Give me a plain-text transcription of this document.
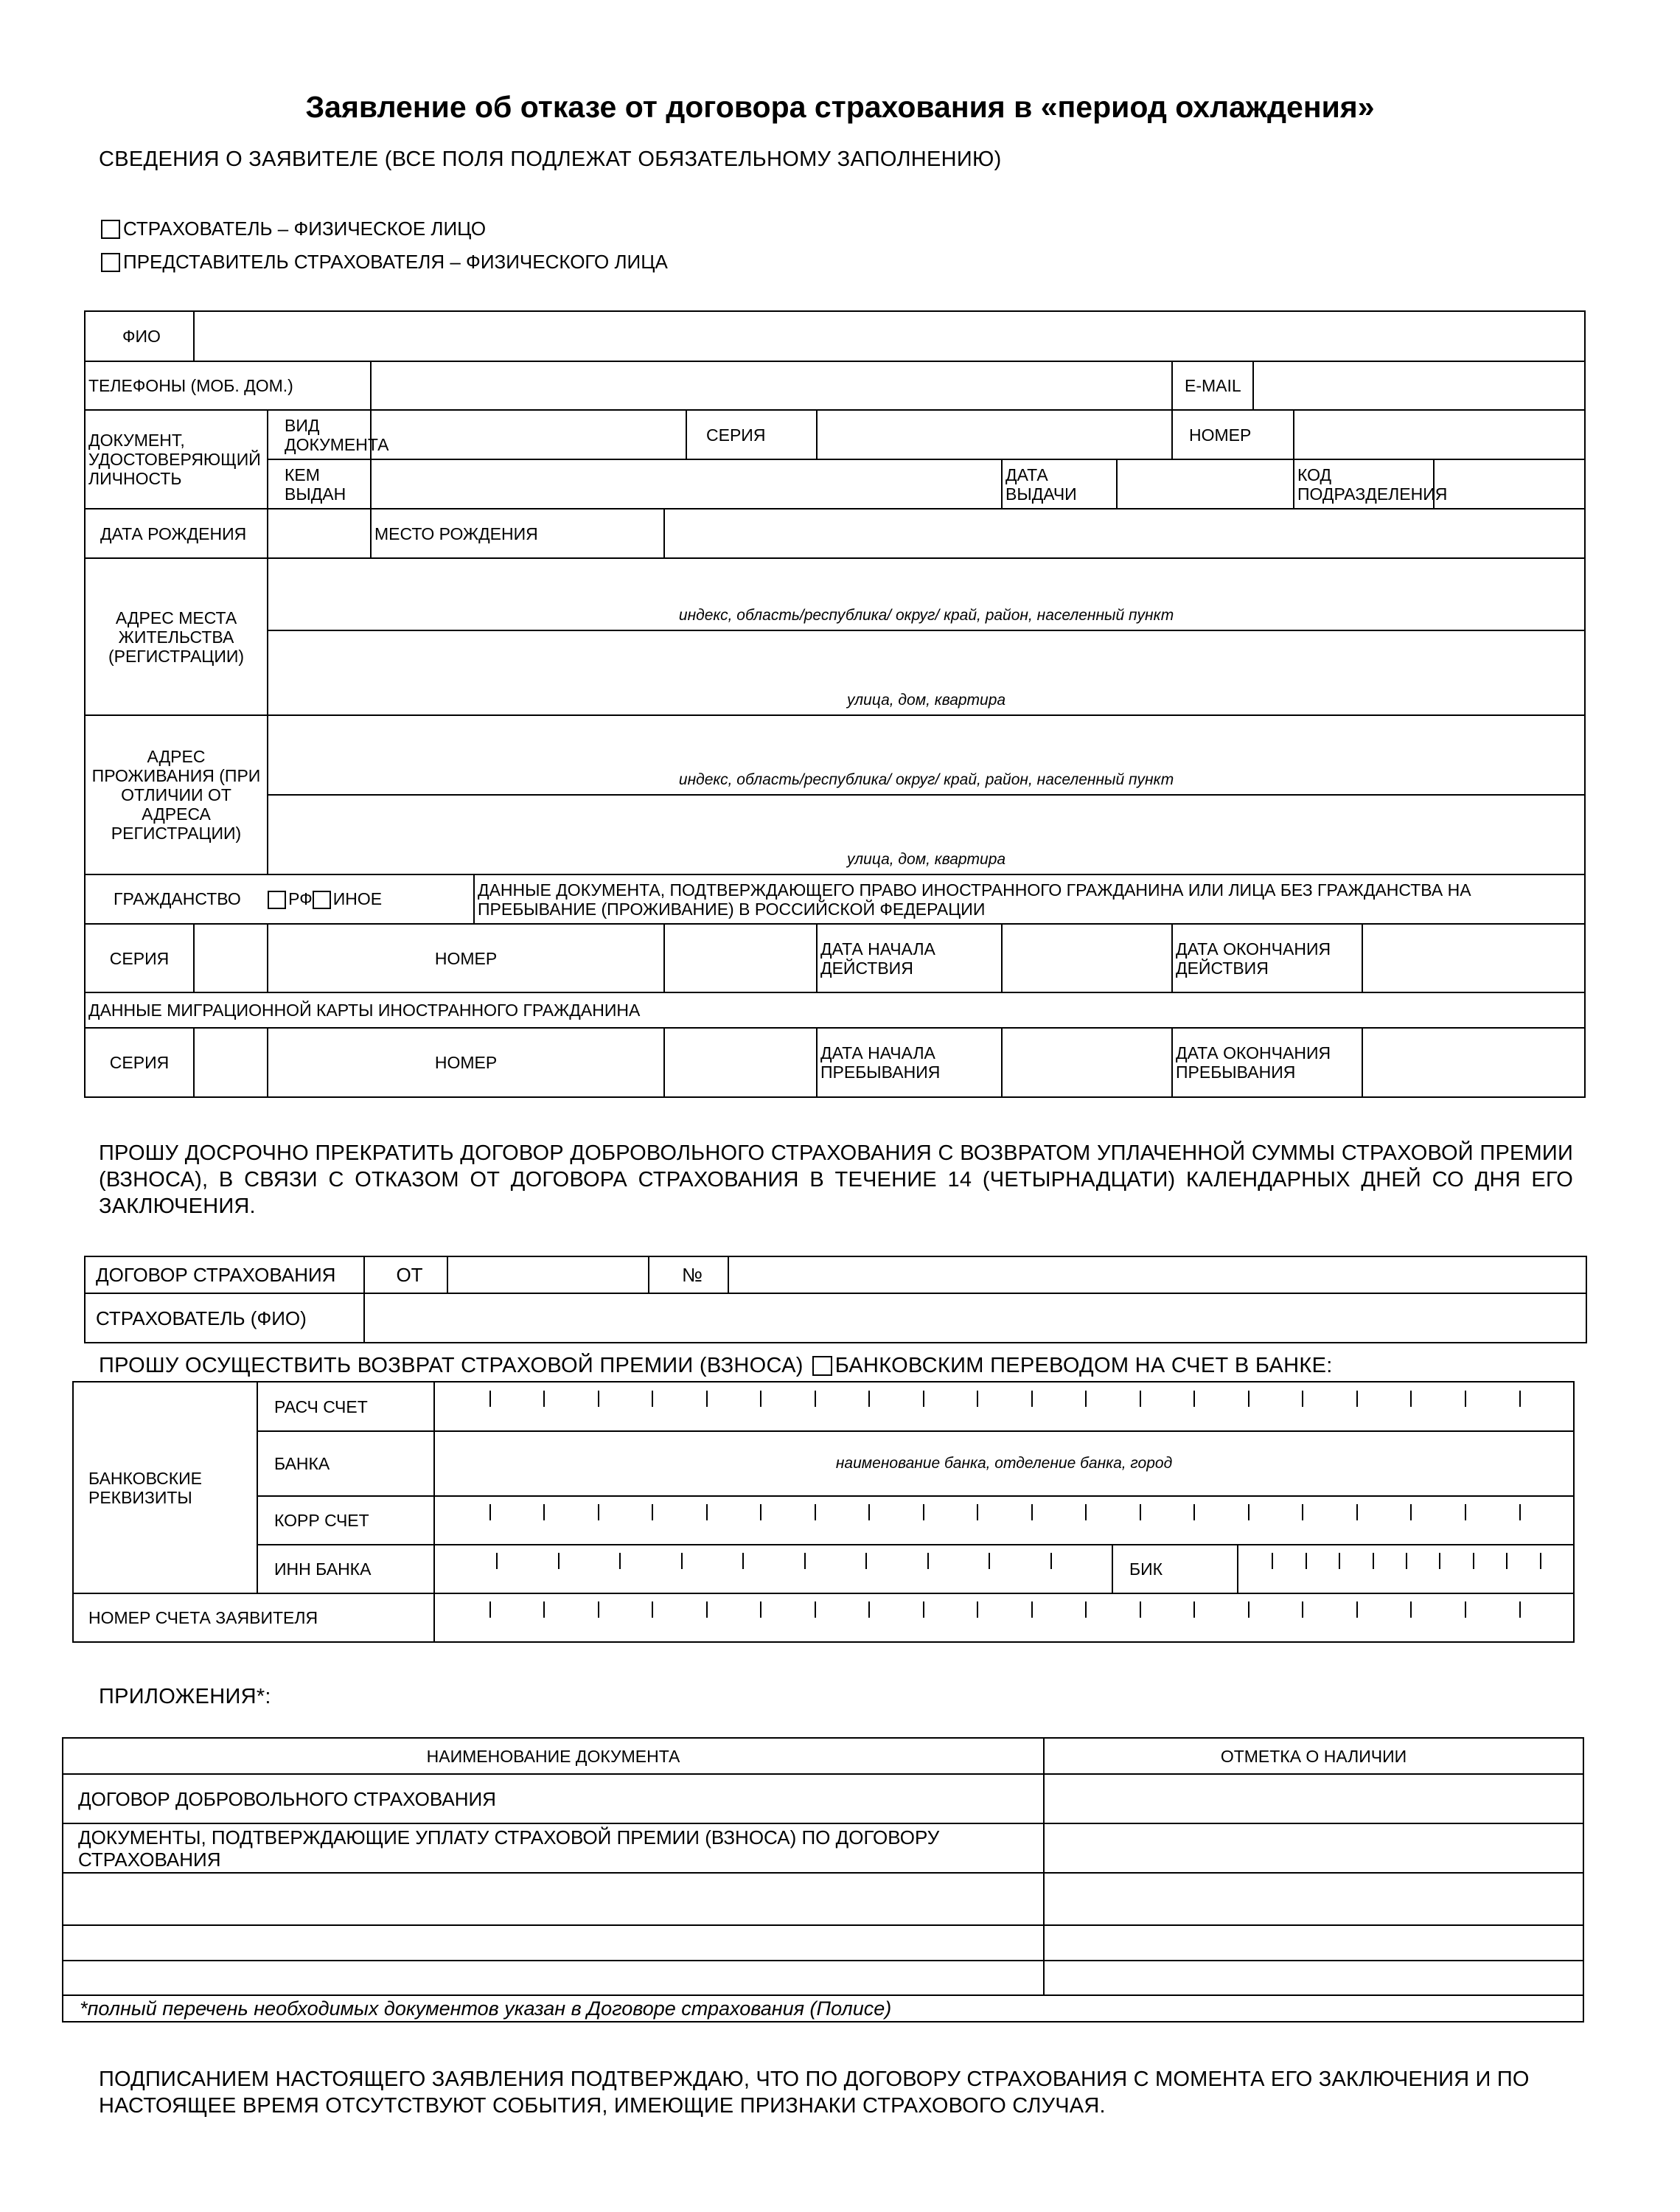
Заявление об отказе от договора страхования в «период охлаждения»
СВЕДЕНИЯ О ЗАЯВИТЕЛЕ (ВСЕ ПОЛЯ ПОДЛЕЖАТ ОБЯЗАТЕЛЬНОМУ ЗАПОЛНЕНИЮ)
СТРАХОВАТЕЛЬ – ФИЗИЧЕСКОЕ ЛИЦО
ПРЕДСТАВИТЕЛЬ СТРАХОВАТЕЛЯ – ФИЗИЧЕСКОГО ЛИЦА
ФИО														
ТЕЛЕФОНЫ (МОБ. ДОМ.)										E-MAIL				
ДОКУМЕНТ, УДОСТОВЕРЯЮЩИЙ ЛИЧНОСТЬ		ВИД ДОКУМЕНТА				СЕРИЯ				НОМЕР				
		КЕМ ВЫДАН						ДАТА ВЫДАЧИ				КОД ПОДРАЗДЕЛЕНИЯ		
ДАТА РОЖДЕНИЯ			МЕСТО РОЖДЕНИЯ											
АДРЕС МЕСТА ЖИТЕЛЬСТВА (РЕГИСТРАЦИИ)		индекс, область/республика/ округ/ край, район, населенный пункт												
		улица, дом, квартира												
АДРЕС ПРОЖИВАНИЯ (ПРИ ОТЛИЧИИ ОТ АДРЕСА РЕГИСТРАЦИИ)		индекс, область/республика/ округ/ край, район, населенный пункт												
		улица, дом, квартира												
ГРАЖДАНСТВО РФ ИНОЕ				ДАННЫЕ ДОКУМЕНТА, ПОДТВЕРЖДАЮЩЕГО ПРАВО ИНОСТРАННОГО ГРАЖДАНИНА ИЛИ ЛИЦА БЕЗ ГРАЖДАНСТВА НА ПРЕБЫВАНИЕ (ПРОЖИВАНИЕ) В РОССИЙСКОЙ ФЕДЕРАЦИИ										
СЕРИЯ		НОМЕР					ДАТА НАЧАЛА ДЕЙСТВИЯ			ДАТА ОКОНЧАНИЯ ДЕЙСТВИЯ				
ДАННЫЕ МИГРАЦИОННОЙ КАРТЫ ИНОСТРАННОГО ГРАЖДАНИНА														
СЕРИЯ		НОМЕР					ДАТА НАЧАЛА ПРЕБЫВАНИЯ			ДАТА ОКОНЧАНИЯ ПРЕБЫВАНИЯ				
ПРОШУ ДОСРОЧНО ПРЕКРАТИТЬ ДОГОВОР ДОБРОВОЛЬНОГО СТРАХОВАНИЯ С ВОЗВРАТОМ УПЛАЧЕННОЙ СУММЫ СТРАХОВОЙ ПРЕМИИ (ВЗНОСА), В СВЯЗИ С ОТКАЗОМ ОТ ДОГОВОРА СТРАХОВАНИЯ В ТЕЧЕНИЕ 14 (ЧЕТЫРНАДЦАТИ) КАЛЕНДАРНЫХ ДНЕЙ СО ДНЯ ЕГО ЗАКЛЮЧЕНИЯ.
ДОГОВОР СТРАХОВАНИЯ	ОТ		№	
СТРАХОВАТЕЛЬ (ФИО)				
ПРОШУ ОСУЩЕСТВИТЬ ВОЗВРАТ СТРАХОВОЙ ПРЕМИИ (ВЗНОСА) БАНКОВСКИМ ПЕРЕВОДОМ НА СЧЕТ В БАНКЕ:
БАНКОВСКИЕ РЕКВИЗИТЫ	РАСЧ СЧЕТ			

	БАНКА	наименование банка, отделение банка, город		
	КОРР СЧЕТ			

	ИНН БАНКА		БИК	

НОМЕР СЧЕТА ЗАЯВИТЕЛЯ				
ПРИЛОЖЕНИЯ*:
НАИМЕНОВАНИЕ ДОКУМЕНТА	ОТМЕТКА О НАЛИЧИИ
ДОГОВОР ДОБРОВОЛЬНОГО СТРАХОВАНИЯ	
ДОКУМЕНТЫ, ПОДТВЕРЖДАЮЩИЕ УПЛАТУ СТРАХОВОЙ ПРЕМИИ (ВЗНОСА) ПО ДОГОВОРУ СТРАХОВАНИЯ	

*полный перечень необходимых документов указан в Договоре страхования (Полисе)	
ПОДПИСАНИЕМ НАСТОЯЩЕГО ЗАЯВЛЕНИЯ ПОДТВЕРЖДАЮ, ЧТО ПО ДОГОВОРУ СТРАХОВАНИЯ С МОМЕНТА ЕГО ЗАКЛЮЧЕНИЯ И ПО НАСТОЯЩЕЕ ВРЕМЯ ОТСУТСТВУЮТ СОБЫТИЯ, ИМЕЮЩИЕ ПРИЗНАКИ СТРАХОВОГО СЛУЧАЯ.
